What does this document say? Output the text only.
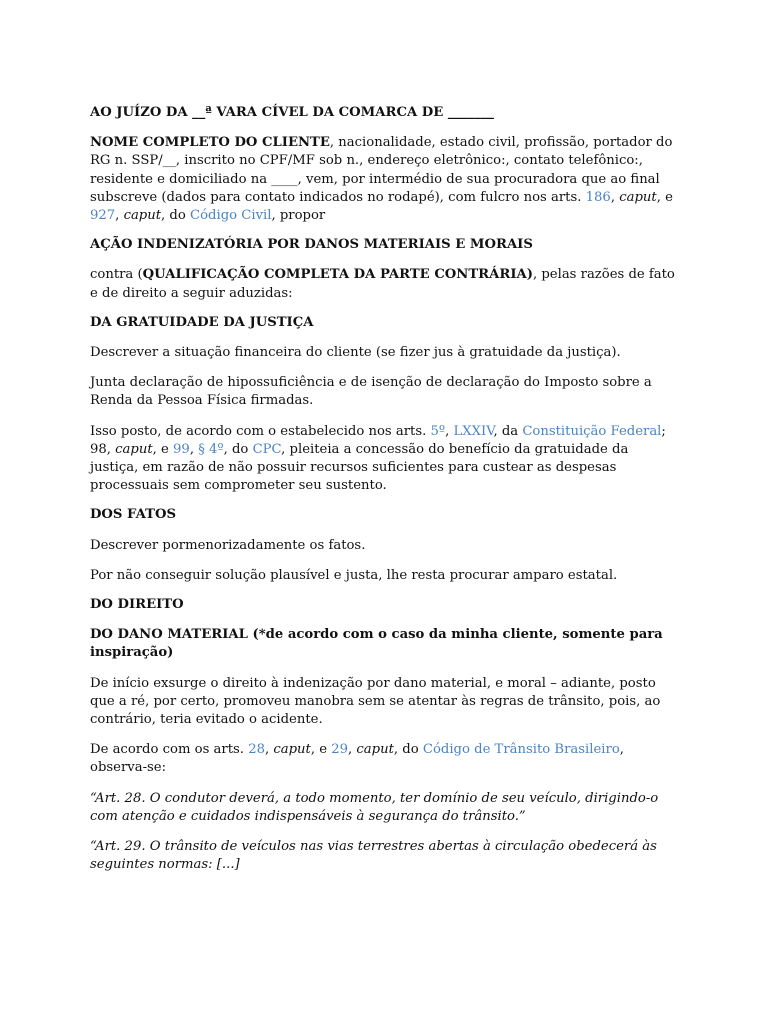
AO JUÍZO DA __ª VARA CÍVEL DA COMARCA DE _______

NOME COMPLETO DO CLIENTE, nacionalidade, estado civil, profissão, portador do RG n. SSP/__, inscrito no CPF/MF sob n., endereço eletrônico:, contato telefônico:, residente e domiciliado na ____, vem, por intermédio de sua procuradora que ao final subscreve (dados para contato indicados no rodapé), com fulcro nos arts. 186, caput, e 927, caput, do Código Civil, propor

AÇÃO INDENIZATÓRIA POR DANOS MATERIAIS E MORAIS

contra (QUALIFICAÇÃO COMPLETA DA PARTE CONTRÁRIA), pelas razões de fato e de direito a seguir aduzidas:

DA GRATUIDADE DA JUSTIÇA

Descrever a situação financeira do cliente (se fizer jus à gratuidade da justiça).

Junta declaração de hipossuficiência e de isenção de declaração do Imposto sobre a Renda da Pessoa Física firmadas.

Isso posto, de acordo com o estabelecido nos arts. 5º, LXXIV, da Constituição Federal; 98, caput, e 99, § 4º, do CPC, pleiteia a concessão do benefício da gratuidade da justiça, em razão de não possuir recursos suficientes para custear as despesas processuais sem comprometer seu sustento.

DOS FATOS

Descrever pormenorizadamente os fatos.

Por não conseguir solução plausível e justa, lhe resta procurar amparo estatal.

DO DIREITO

DO DANO MATERIAL (*de acordo com o caso da minha cliente, somente para inspiração)

De início exsurge o direito à indenização por dano material, e moral – adiante, posto que a ré, por certo, promoveu manobra sem se atentar às regras de trânsito, pois, ao contrário, teria evitado o acidente.

De acordo com os arts. 28, caput, e 29, caput, do Código de Trânsito Brasileiro, observa-se:

“Art. 28. O condutor deverá, a todo momento, ter domínio de seu veículo, dirigindo-o com atenção e cuidados indispensáveis à segurança do trânsito.”

“Art. 29. O trânsito de veículos nas vias terrestres abertas à circulação obedecerá às seguintes normas: [...]
